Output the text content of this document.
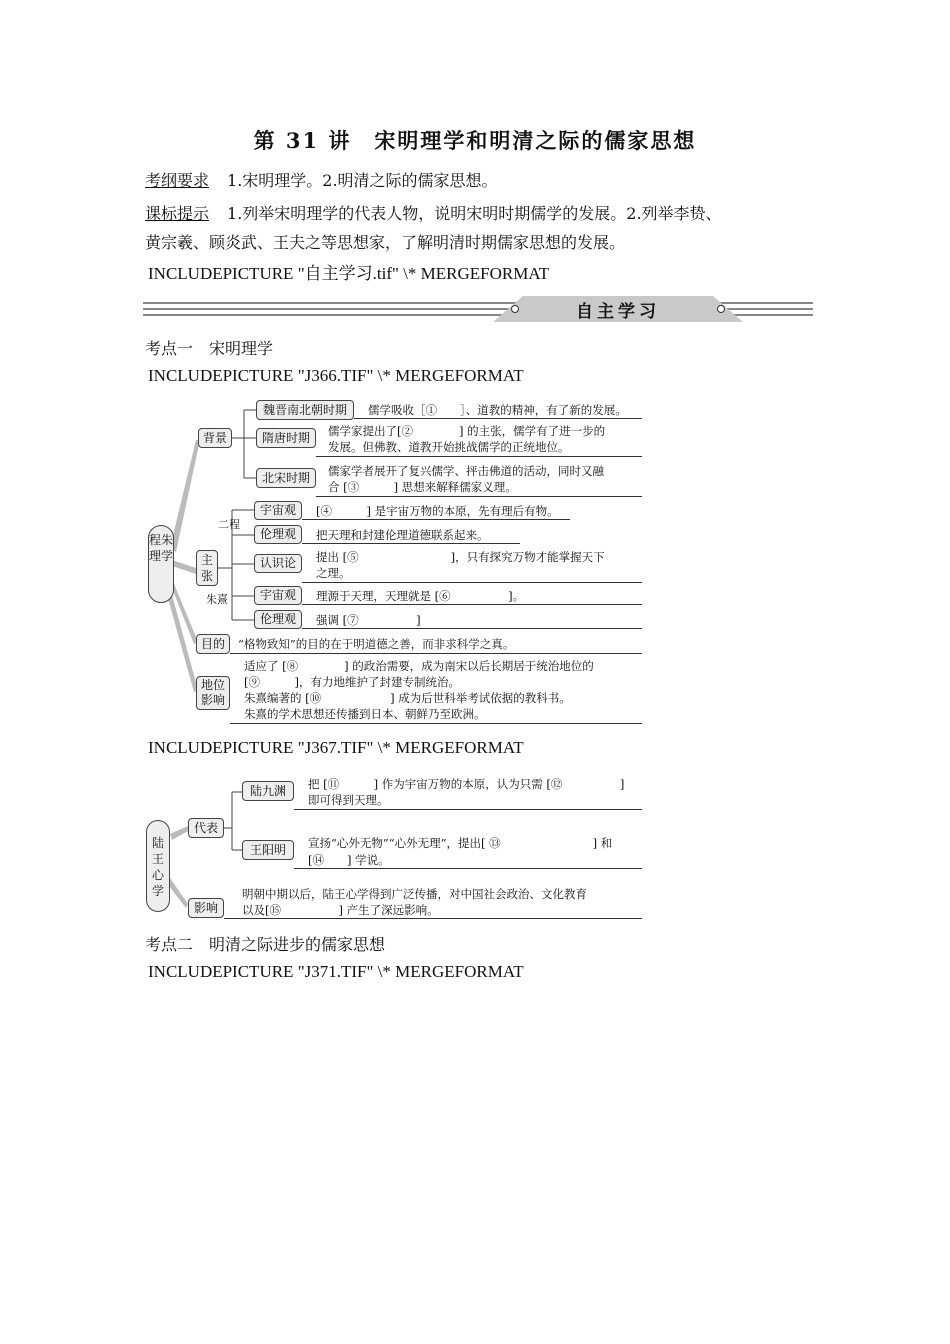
第 31 讲　宋明理学和明清之际的儒家思想
考纲要求 1.宋明理学。2.明清之际的儒家思想。
课标提示 1.列举宋明理学的代表人物，说明宋明时期儒学的发展。2.列举李贽、
黄宗羲、顾炎武、王夫之等思想家，了解明清时期儒家思想的发展。
INCLUDEPICTURE "自主学习.tif" \* MERGEFORMAT
自主学习
考点一　宋明理学
INCLUDEPICTURE "J366.TIF" \* MERGEFORMAT
程朱理学
背景
主张
目的
地位影响
二程
朱熹
魏晋南北朝时期	儒学吸收［①　　］、道教的精神，有了新的发展。
隋唐时期	儒学家提出了[②　　　　] 的主张，儒学有了进一步的
发展。但佛教、道教开始挑战儒学的正统地位。
北宋时期	儒家学者展开了复兴儒学、抨击佛道的活动，同时又融
合 [③　　　] 思想来解释儒家义理。
宇宙观	[④　　　] 是宇宙万物的本原，先有理后有物。
伦理观	把天理和封建伦理道德联系起来。
认识论	提出 [⑤　　　　　　　　]，只有探究万物才能掌握天下
之理。
宇宙观	理源于天理，天理就是 [⑥　　　　　]。
伦理观	强调 [⑦　　　　　]
“格物致知”的目的在于明道德之善，而非求科学之真。
适应了 [⑧　　　　] 的政治需要，成为南宋以后长期居于统治地位的
[⑨　　　]，有力地维护了封建专制统治。
朱熹编著的 [⑩　　　　　　] 成为后世科举考试依据的教科书。
朱熹的学术思想还传播到日本、朝鲜乃至欧洲。
INCLUDEPICTURE "J367.TIF" \* MERGEFORMAT
陆王心学
代表
影响
陆九渊	把 [⑪　　　] 作为宇宙万物的本原，认为只需 [⑫　　　　　]
即可得到天理。
王阳明	宣扬“心外无物”“心外无理”，提出[ ⑬　　　　　　　　] 和
[⑭　　] 学说。
明朝中期以后，陆王心学得到广泛传播，对中国社会政治、文化教育
以及[⑮　　　　　] 产生了深远影响。
考点二　明清之际进步的儒家思想
INCLUDEPICTURE "J371.TIF" \* MERGEFORMAT
